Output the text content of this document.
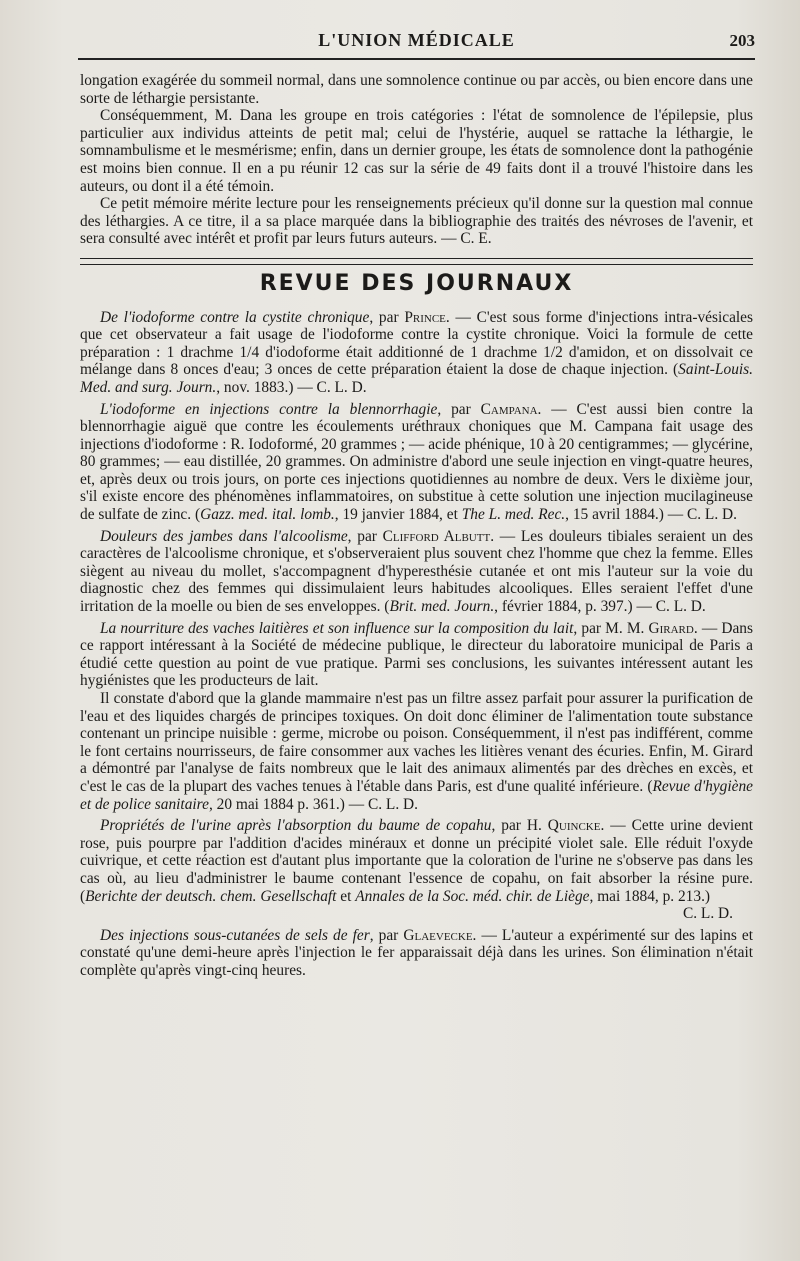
L'UNION MÉDICALE	203

longation exagérée du sommeil normal, dans une somnolence continue ou par accès, ou bien encore dans une sorte de léthargie persistante.

Conséquemment, M. Dana les groupe en trois catégories : l'état de somnolence de l'épilepsie, plus particulier aux individus atteints de petit mal; celui de l'hystérie, auquel se rattache la léthargie, le somnambulisme et le mesmérisme; enfin, dans un dernier groupe, les états de somnolence dont la pathogénie est moins bien connue. Il en a pu réunir 12 cas sur la série de 49 faits dont il a trouvé l'histoire dans les auteurs, ou dont il a été témoin.

Ce petit mémoire mérite lecture pour les renseignements précieux qu'il donne sur la question mal connue des léthargies. A ce titre, il a sa place marquée dans la bibliographie des traités des névroses de l'avenir, et sera consulté avec intérêt et profit par leurs futurs auteurs. — C. E.

REVUE DES JOURNAUX

De l'iodoforme contre la cystite chronique, par Prince. — C'est sous forme d'injections intra-vésicales que cet observateur a fait usage de l'iodoforme contre la cystite chronique. Voici la formule de cette préparation : 1 drachme 1/4 d'iodoforme était additionné de 1 drachme 1/2 d'amidon, et on dissolvait ce mélange dans 8 onces d'eau; 3 onces de cette préparation étaient la dose de chaque injection. (Saint-Louis. Med. and surg. Journ., nov. 1883.) — C. L. D.

L'iodoforme en injections contre la blennorrhagie, par Campana. — C'est aussi bien contre la blennorrhagie aiguë que contre les écoulements uréthraux choniques que M. Campana fait usage des injections d'iodoforme : R. Iodoformé, 20 grammes ; — acide phénique, 10 à 20 centigrammes; — glycérine, 80 grammes; — eau distillée, 20 grammes. On administre d'abord une seule injection en vingt-quatre heures, et, après deux ou trois jours, on porte ces injections quotidiennes au nombre de deux. Vers le dixième jour, s'il existe encore des phénomènes inflammatoires, on substitue à cette solution une injection mucilagineuse de sulfate de zinc. (Gazz. med. ital. lomb., 19 janvier 1884, et The L. med. Rec., 15 avril 1884.) — C. L. D.

Douleurs des jambes dans l'alcoolisme, par Clifford Albutt. — Les douleurs tibiales seraient un des caractères de l'alcoolisme chronique, et s'observeraient plus souvent chez l'homme que chez la femme. Elles siègent au niveau du mollet, s'accompagnent d'hyperesthésie cutanée et ont mis l'auteur sur la voie du diagnostic chez des femmes qui dissimulaient leurs habitudes alcooliques. Elles seraient l'effet d'une irritation de la moelle ou bien de ses enveloppes. (Brit. med. Journ., février 1884, p. 397.) — C. L. D.

La nourriture des vaches laitières et son influence sur la composition du lait, par M. M. Girard. — Dans ce rapport intéressant à la Société de médecine publique, le directeur du laboratoire municipal de Paris a étudié cette question au point de vue pratique. Parmi ses conclusions, les suivantes intéressent autant les hygiénistes que les producteurs de lait.

Il constate d'abord que la glande mammaire n'est pas un filtre assez parfait pour assurer la purification de l'eau et des liquides chargés de principes toxiques. On doit donc éliminer de l'alimentation toute substance contenant un principe nuisible : germe, microbe ou poison. Conséquemment, il n'est pas indifférent, comme le font certains nourrisseurs, de faire consommer aux vaches les litières venant des écuries. Enfin, M. Girard a démontré par l'analyse de faits nombreux que le lait des animaux alimentés par des drèches en excès, et c'est le cas de la plupart des vaches tenues à l'étable dans Paris, est d'une qualité inférieure. (Revue d'hygiène et de police sanitaire, 20 mai 1884 p. 361.) — C. L. D.

Propriétés de l'urine après l'absorption du baume de copahu, par H. Quincke. — Cette urine devient rose, puis pourpre par l'addition d'acides minéraux et donne un précipité violet sale. Elle réduit l'oxyde cuivrique, et cette réaction est d'autant plus importante que la coloration de l'urine ne s'observe pas dans les cas où, au lieu d'administrer le baume contenant l'essence de copahu, on fait absorber la résine pure. (Berichte der deutsch. chem. Gesellschaft et Annales de la Soc. méd. chir. de Liège, mai 1884, p. 213.)

C. L. D.

Des injections sous-cutanées de sels de fer, par Glaevecke. — L'auteur a expérimenté sur des lapins et constaté qu'une demi-heure après l'injection le fer apparaissait déjà dans les urines. Son élimination n'était complète qu'après vingt-cinq heures.
